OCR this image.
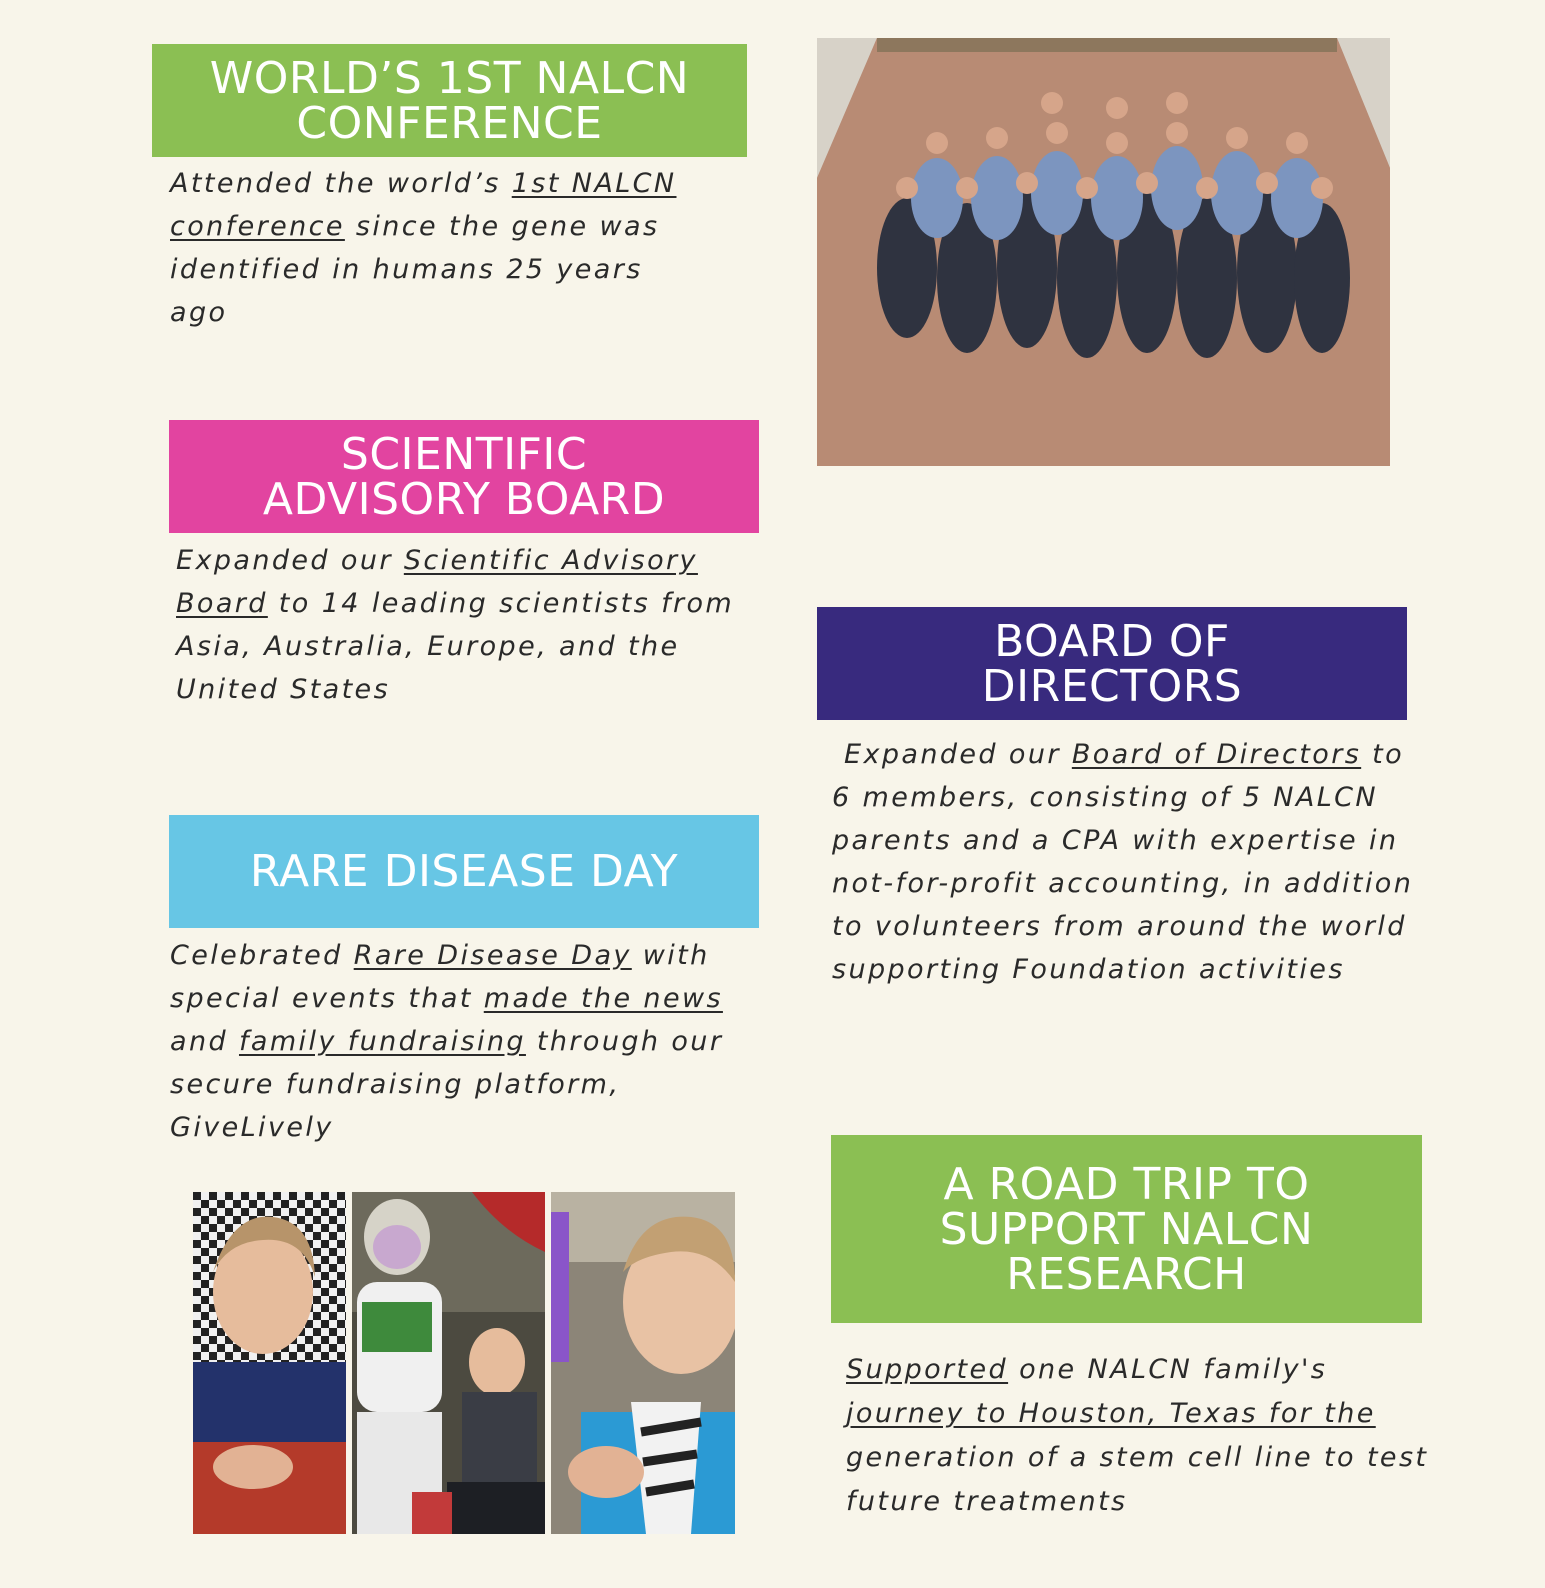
WORLD’S 1ST NALCN
CONFERENCE

Attended the world’s 1st NALCN conference since the gene was identified in humans 25 years ago

SCIENTIFIC
ADVISORY BOARD

Expanded our Scientific Advisory Board to 14 leading scientists from Asia, Australia, Europe, and the United States

RARE DISEASE DAY

Celebrated Rare Disease Day with special events that made the news and family fundraising through our secure fundraising platform, GiveLively

BOARD OF
DIRECTORS

Expanded our Board of Directors to 6 members, consisting of 5 NALCN parents and a CPA with expertise in not-for-profit accounting, in addition to volunteers from around the world supporting Foundation activities

A ROAD TRIP TO
SUPPORT NALCN
RESEARCH

Supported one NALCN family's journey to Houston, Texas for the generation of a stem cell line to test future treatments
